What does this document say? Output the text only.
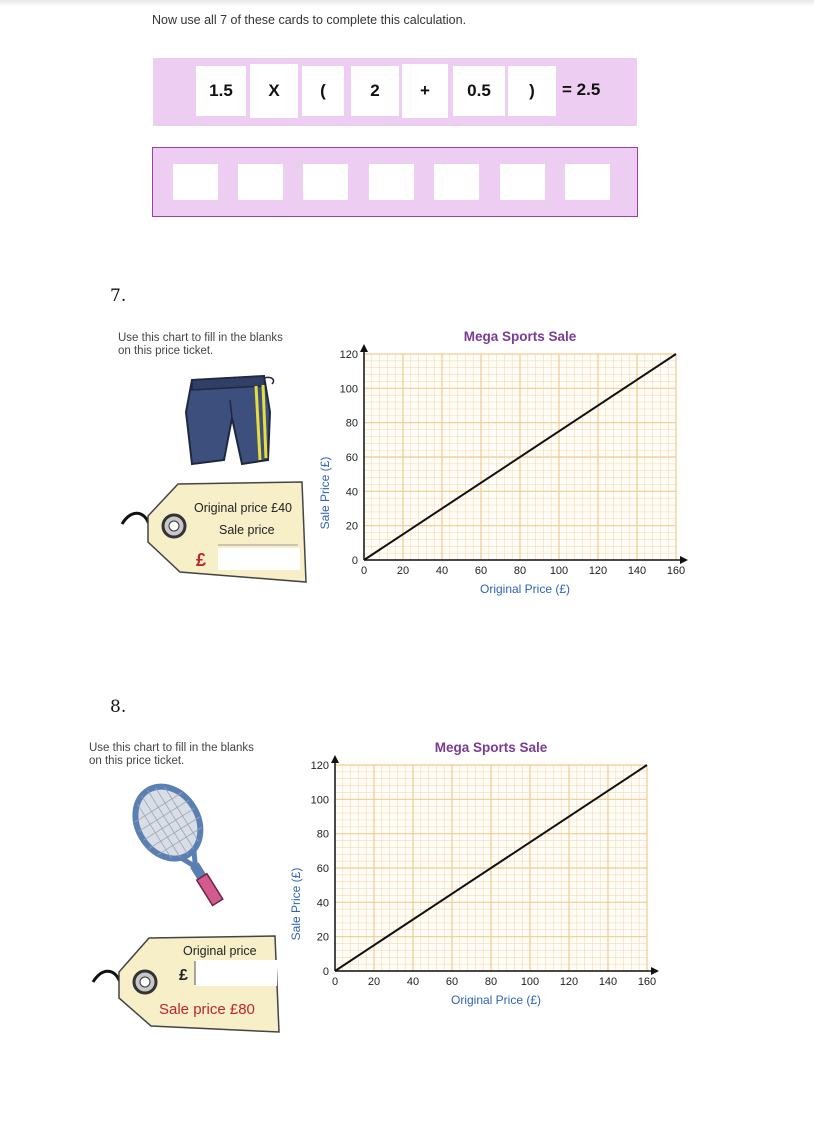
Now use all 7 of these cards to complete this calculation.
1.5	X	(	2	+	0.5	)	= 2.5
7.
Use this chart to fill in the blanks
on this price ticket.
Original price £40
Sale price
£
0	20 40 60 80 100 120 140 160
0
20
40
60
80
100
120
Mega Sports Sale
Original Price (£)
Sale Price (£)
8.
Use this chart to fill in the blanks
on this price ticket.
Original price
£
Sale price £80
0	20 40 60 80 100 120 140 160
0
20
40
60
80
100
120
Mega Sports Sale
Original Price (£)
Sale Price (£)
